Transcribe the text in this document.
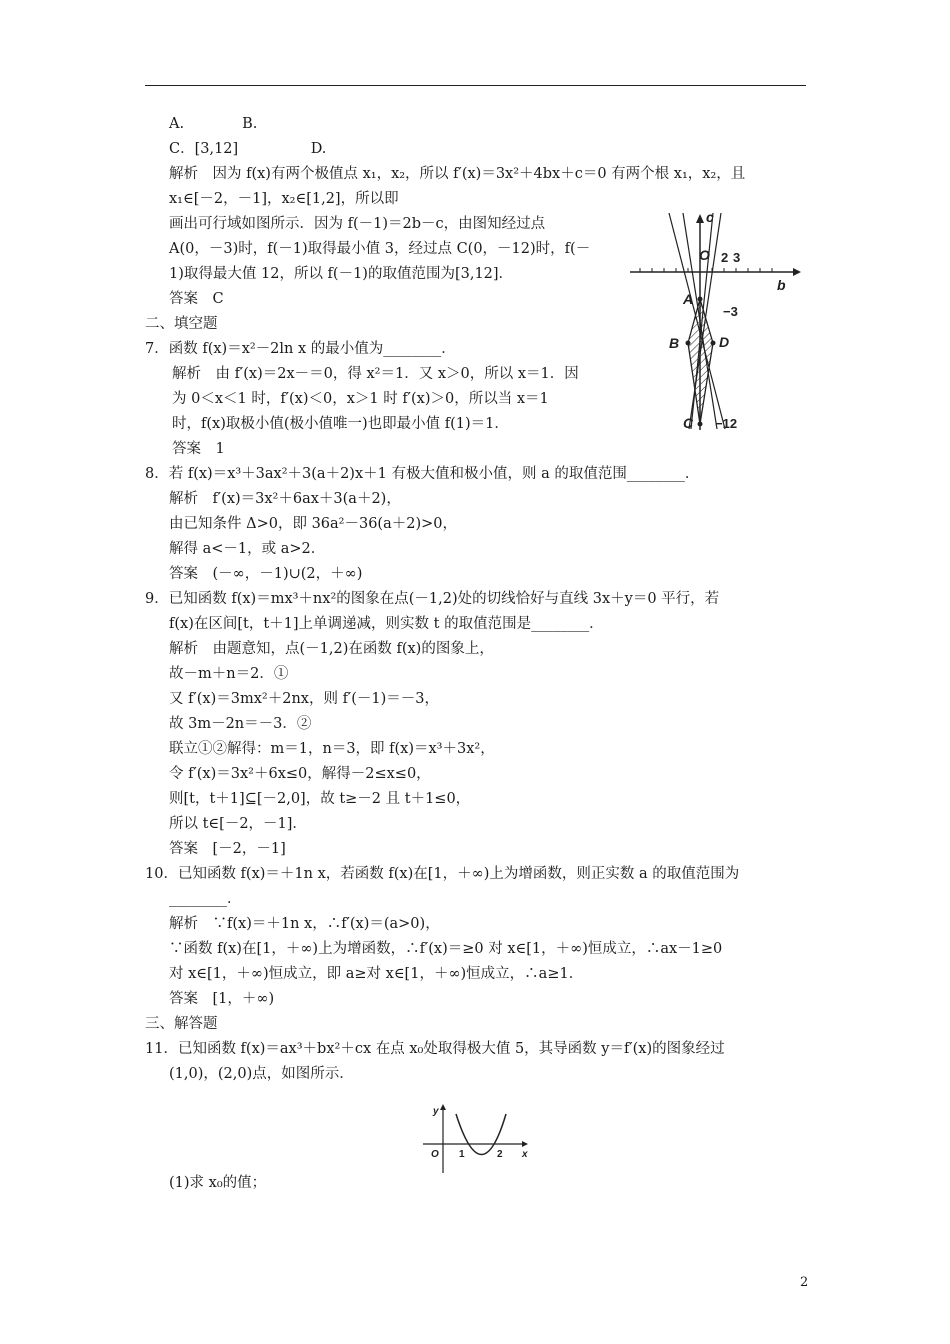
A.　　　　B.
C．[3,12]　　　　　D.
解析　因为 f(x)有两个极值点 x₁，x₂，所以 f′(x)＝3x²＋4bx＋c＝0 有两个根 x₁，x₂，且
x₁∈[－2，－1]，x₂∈[1,2]，所以即
画出可行域如图所示．因为 f(－1)＝2b－c，由图知经过点
A(0，－3)时，f(－1)取得最小值 3，经过点 C(0，－12)时，f(－
1)取得最大值 12，所以 f(－1)的取值范围为[3,12]．
答案　C
二、填空题
7．函数 f(x)＝x²－2ln x 的最小值为________．
解析　由 f′(x)＝2x－＝0，得 x²＝1．又 x＞0，所以 x＝1．因
为 0＜x＜1 时，f′(x)＜0，x＞1 时 f′(x)＞0，所以当 x＝1
时，f(x)取极小值(极小值唯一)也即最小值 f(1)＝1．
答案　1
8．若 f(x)＝x³＋3ax²＋3(a＋2)x＋1 有极大值和极小值，则 a 的取值范围________．
解析　f′(x)＝3x²＋6ax＋3(a＋2)，
由已知条件 Δ>0，即 36a²－36(a＋2)>0，
解得 a<－1，或 a>2．
答案　(－∞，－1)∪(2，＋∞)
9．已知函数 f(x)＝mx³＋nx²的图象在点(－1,2)处的切线恰好与直线 3x＋y＝0 平行，若
f(x)在区间[t，t＋1]上单调递减，则实数 t 的取值范围是________．
解析　由题意知，点(－1,2)在函数 f(x)的图象上，
故－m＋n＝2．①
又 f′(x)＝3mx²＋2nx，则 f′(－1)＝－3，
故 3m－2n＝－3．②
联立①②解得：m＝1，n＝3，即 f(x)＝x³＋3x²，
令 f′(x)＝3x²＋6x≤0，解得－2≤x≤0，
则[t，t＋1]⊆[－2,0]，故 t≥－2 且 t＋1≤0，
所以 t∈[－2，－1]．
答案　[－2，－1]
10．已知函数 f(x)＝＋1n x，若函数 f(x)在[1，＋∞)上为增函数，则正实数 a 的取值范围为
________．
解析　∵f(x)＝＋1n x，∴f′(x)＝(a>0)，
∵函数 f(x)在[1，＋∞)上为增函数，∴f′(x)＝≥0 对 x∈[1，＋∞)恒成立，∴ax－1≥0
对 x∈[1，＋∞)恒成立，即 a≥对 x∈[1，＋∞)恒成立，∴a≥1．
答案　[1，＋∞)
三、解答题
11．已知函数 f(x)＝ax³＋bx²＋cx 在点 x₀处取得极大值 5，其导函数 y＝f′(x)的图象经过
(1,0)，(2,0)点，如图所示．
(1)求 x₀的值；
c
b
O
A
B
C
D
2 3
−3
−12
y
x
O 1	2
2
